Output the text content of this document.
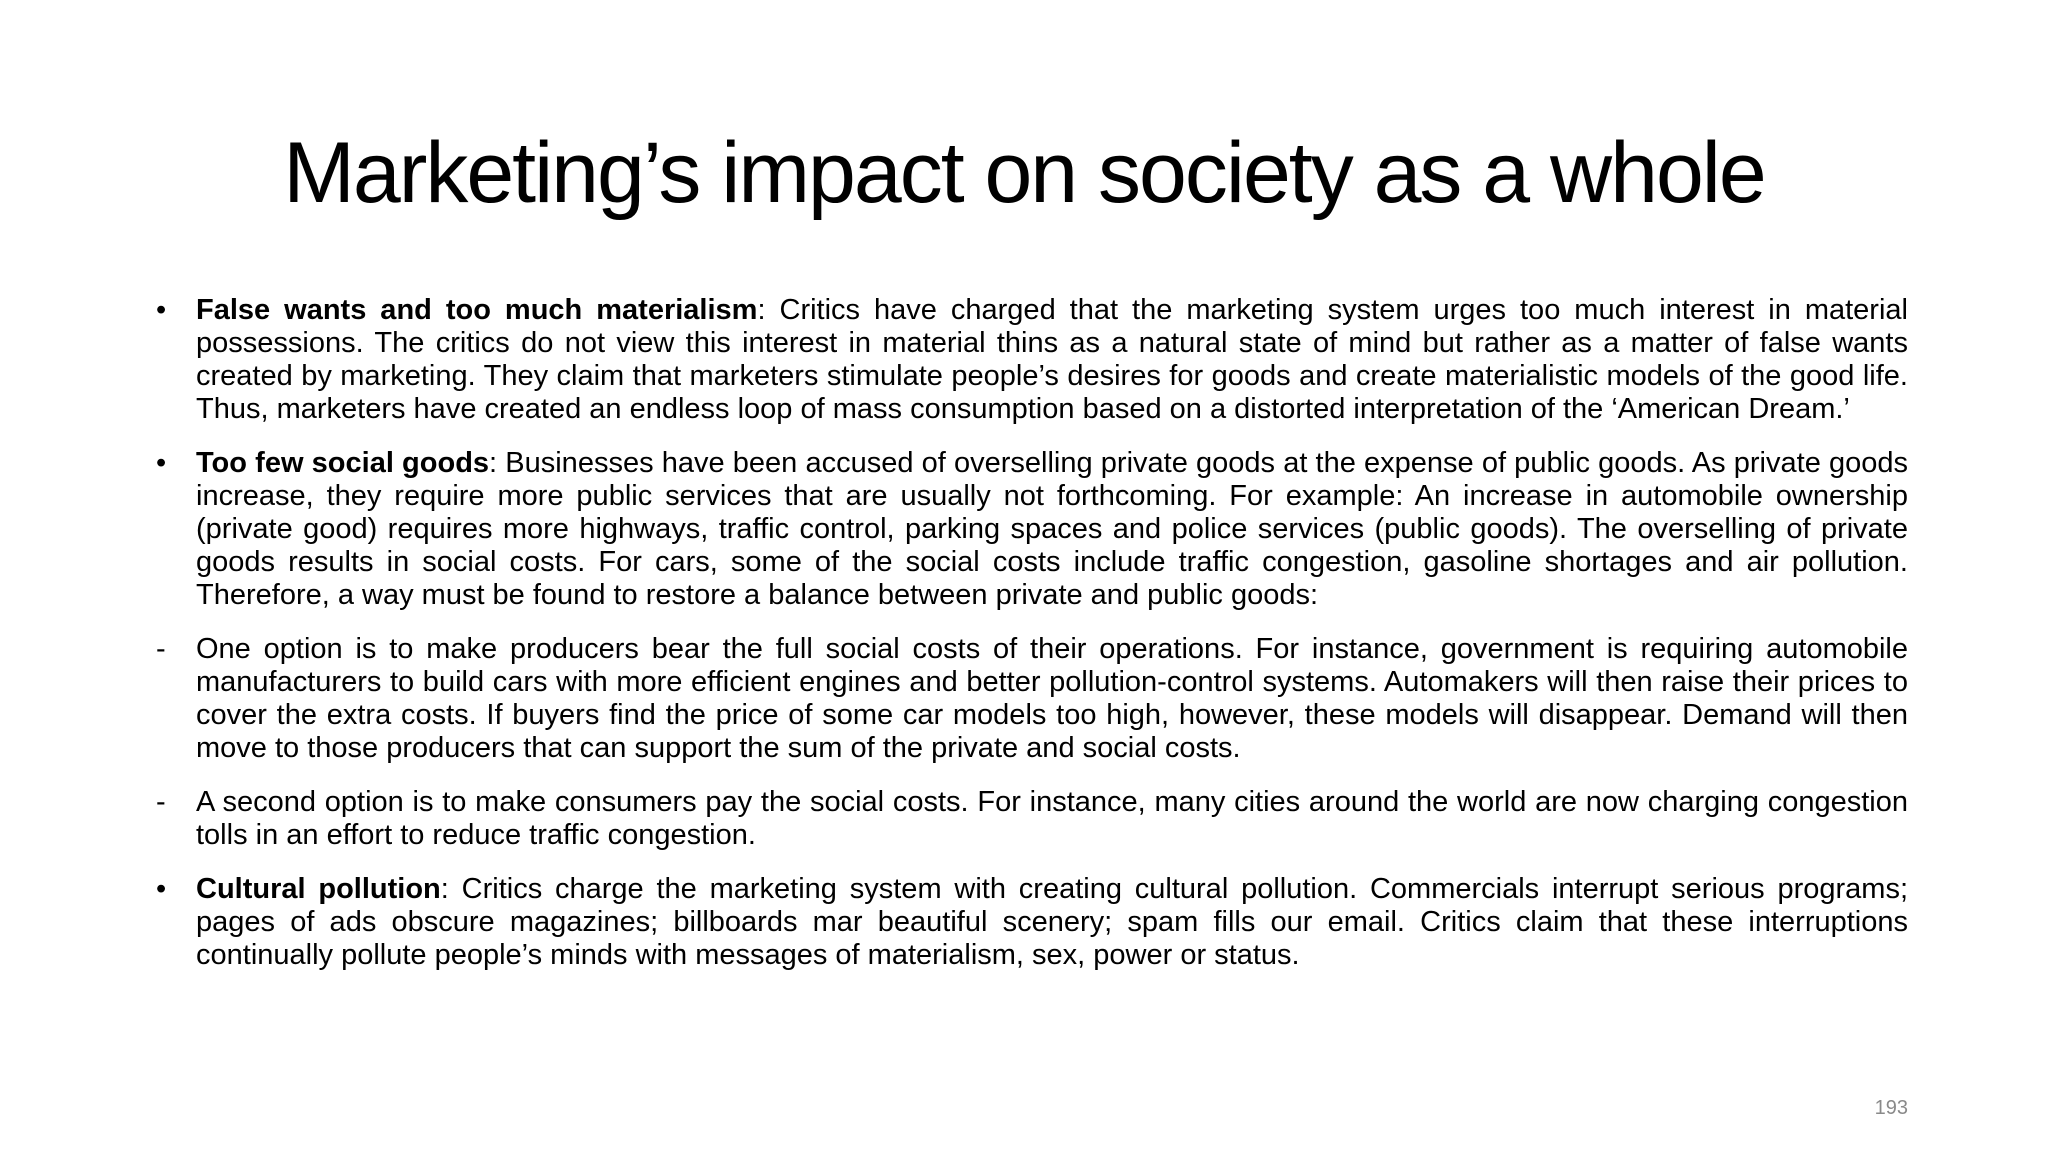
Marketing’s impact on society as a whole

•	False wants and too much materialism: Critics have charged that the marketing system urges too much interest in material possessions. The critics do not view this interest in material thins as a natural state of mind but rather as a matter of false wants created by marketing. They claim that marketers stimulate people’s desires for goods and create materialistic models of the good life. Thus, marketers have created an endless loop of mass consumption based on a distorted interpretation of the ‘American Dream.’

•	Too few social goods: Businesses have been accused of overselling private goods at the expense of public goods. As private goods increase, they require more public services that are usually not forthcoming. For example: An increase in automobile ownership (private good) requires more highways, traffic control, parking spaces and police services (public goods). The overselling of private goods results in social costs. For cars, some of the social costs include traffic congestion, gasoline shortages and air pollution. Therefore, a way must be found to restore a balance between private and public goods:

-	One option is to make producers bear the full social costs of their operations. For instance, government is requiring automobile manufacturers to build cars with more efficient engines and better pollution-control systems. Automakers will then raise their prices to cover the extra costs. If buyers find the price of some car models too high, however, these models will disappear. Demand will then move to those producers that can support the sum of the private and social costs.

-	A second option is to make consumers pay the social costs. For instance, many cities around the world are now charging congestion tolls in an effort to reduce traffic congestion.

•	Cultural pollution: Critics charge the marketing system with creating cultural pollution. Commercials interrupt serious programs; pages of ads obscure magazines; billboards mar beautiful scenery; spam fills our email. Critics claim that these interruptions continually pollute people’s minds with messages of materialism, sex, power or status.

193
